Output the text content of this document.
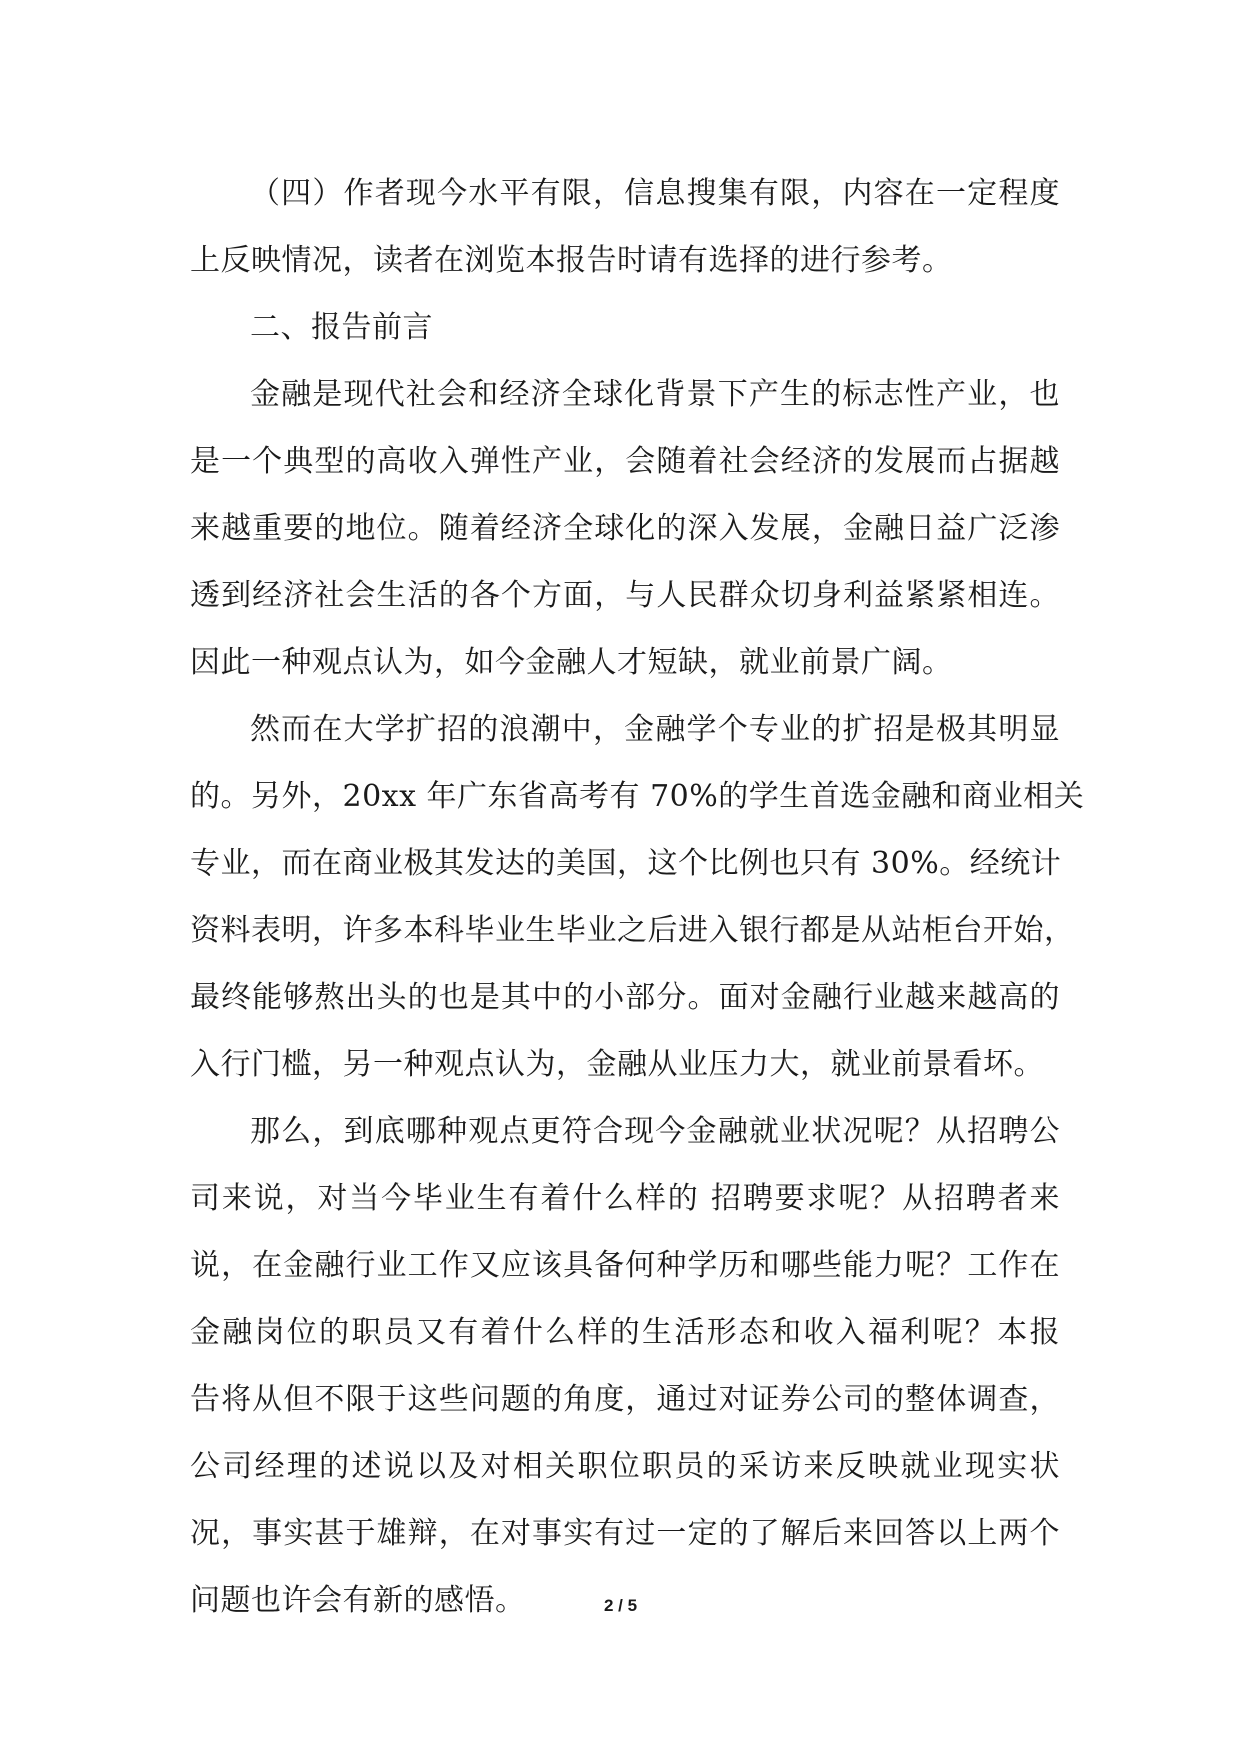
（四）作者现今水平有限，信息搜集有限，内容在一定程度
上反映情况，读者在浏览本报告时请有选择的进行参考。

二、报告前言

金融是现代社会和经济全球化背景下产生的标志性产业，也
是一个典型的高收入弹性产业，会随着社会经济的发展而占据越
来越重要的地位。随着经济全球化的深入发展，金融日益广泛渗
透到经济社会生活的各个方面，与人民群众切身利益紧紧相连。
因此一种观点认为，如今金融人才短缺，就业前景广阔。

然而在大学扩招的浪潮中，金融学个专业的扩招是极其明显
的。另外，20xx 年广东省高考有 70%的学生首选金融和商业相关
专业，而在商业极其发达的美国，这个比例也只有 30%。经统计
资料表明，许多本科毕业生毕业之后进入银行都是从站柜台开始，
最终能够熬出头的也是其中的小部分。面对金融行业越来越高的
入行门槛，另一种观点认为，金融从业压力大，就业前景看坏。

那么，到底哪种观点更符合现今金融就业状况呢？从招聘公
司来说，对当今毕业生有着什么样的 招聘要求呢？从招聘者来
说，在金融行业工作又应该具备何种学历和哪些能力呢？工作在
金融岗位的职员又有着什么样的生活形态和收入福利呢？本报
告将从但不限于这些问题的角度，通过对证券公司的整体调查，
公司经理的述说以及对相关职位职员的采访来反映就业现实状
况，事实甚于雄辩，在对事实有过一定的了解后来回答以上两个
问题也许会有新的感悟。	2 / 5
